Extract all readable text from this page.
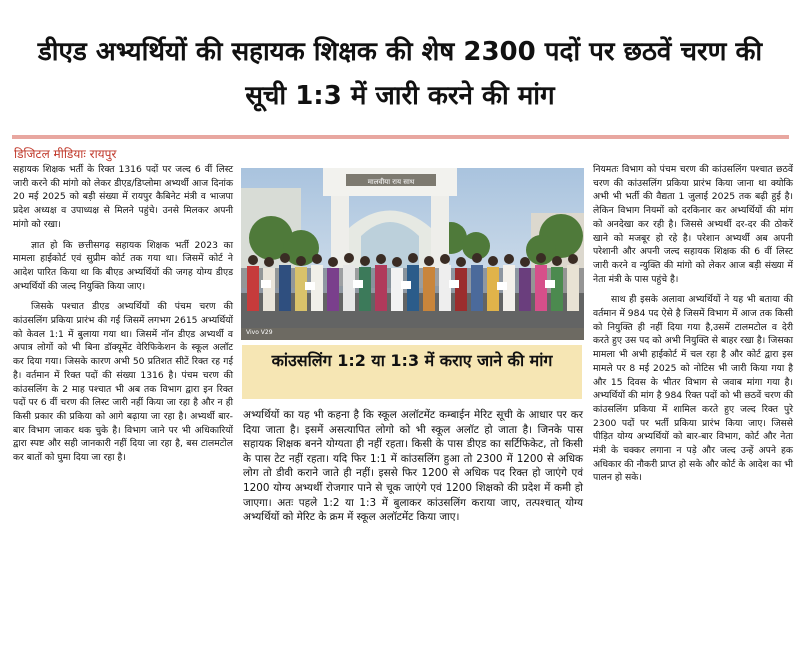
डीएड अभ्यर्थियों की सहायक शिक्षक की शेष 2300 पदों पर छठवें चरण की
सूची 1:3 में जारी करने की मांग
डिजिटल मीडियाः रायपुर

सहायक शिक्षक भर्ती के रिक्त 1316 पदों पर जल्द 6 वीं लिस्ट जारी करने की मांगो को लेकर डीएड/डिप्लोमा अभ्यर्थी आज दिनांक 20 मई 2025 को बड़ी संख्या में रायपुर कैबिनेट मंत्री व भाजपा प्रदेश अध्यक्ष व उपाध्यक्ष से मिलने पहुंचे। उनसे मिलकर अपनी मांगो को रखा।

ज्ञात हो कि छत्तीसगढ़ सहायक शिक्षक भर्ती 2023 का मामला हाईकोर्ट एवं सुप्रीम कोर्ट तक गया था। जिसमें कोर्ट ने आदेश पारित किया था कि बीएड अभ्यर्थियों की जगह योग्य डीएड अभ्यर्थियों की जल्द नियुक्ति किया जाए।

जिसके पश्चात डीएड अभ्यर्थियों की पंचम चरण की कांउसलिंग प्रकिया प्रारंभ की गई जिसमें लगभग 2615 अभ्यर्थियों को केवल 1:1 में बुलाया गया था। जिसमें नॉन डीएड अभ्यर्थी व अपात्र लोगों को भी बिना डॉक्यूमेंट वेरिफिकेशन के स्कूल अलॉट कर दिया गया। जिसके कारण अभी 50 प्रतिशत सीटें रिक्त रह गई है। वर्तमान में रिक्त पदों की संख्या 1316 है। पंचम चरण की कांउसलिंग के 2 माह पश्चात भी अब तक विभाग द्वारा इन रिक्त पदों पर 6 वीं चरण की लिस्ट जारी नहीं किया जा रहा है और न ही किसी प्रकार की प्रकिया को आगे बढ़ाया जा रहा है। अभ्यर्थी बार-बार विभाग जाकर थक चुके है। विभाग जाने पर भी अधिकारियों द्वारा स्पष्ट और सही जानकारी नहीं दिया जा रहा है, बस टालमटोल कर बातों को घुमा दिया जा रहा है।

मालवीया राय साथ
Vivo V29
कांउसलिंग 1:2 या 1:3 में कराए जाने की मांग

अभ्यर्थियों का यह भी कहना है कि स्कूल अलॉटमेंट कम्बाईन मेरिट सूची के आधार पर कर दिया जाता है। इसमें असत्यापित लोगो को भी स्कूल अलॉट हो जाता है। जिनके पास सहायक शिक्षक बनने योग्यता ही नहीं रहता। किसी के पास डीएड का सर्टिफिकेट, तो किसी के पास टेट नहीं रहता। यदि फिर 1:1 में कांउसलिंग हुआ तो 2300 में 1200 से अधिक लोग तो डीवी कराने जाते ही नहीं। इससे फिर 1200 से अधिक पद रिक्त हो जाएंगे एवं 1200 योग्य अभ्यर्थी रोजगार पाने से चूक जाएंगे एवं 1200 शिक्षको की प्रदेश में कमी हो जाएगा। अतः पहले 1:2 या 1:3 में बुलाकर कांउसलिंग कराया जाए, तत्पश्चात् योग्य अभ्यर्थियों को मेरिट के क्रम में स्कूल अलॉटमेंट किया जाए।

नियमतः विभाग को पंचम चरण की कांउसलिंग पश्चात छठवें चरण की कांउसलिंग प्रकिया प्रारंभ किया जाना था क्योकि अभी भी भर्ती की वैद्यता 1 जुलाई 2025 तक बढ़ी हुई है। लेकिन विभाग नियमों को दरकिनार कर अभ्यर्थियों की मांग को अनदेखा कर रही है। जिससे अभ्यर्थी दर-दर की ठोकरें खाने को मजबूर हो रहे है। परेशान अभ्यर्थी अब अपनी परेशानी और अपनी जल्द सहायक शिक्षक की 6 वीं लिस्ट जारी करने व न्युक्ति की मांगो को लेकर आज बड़ी संख्या में नेता मंत्री के पास पहुंचे है।

साथ ही इसके अलावा अभ्यर्थियों ने यह भी बताया की वर्तमान में 984 पद ऐसे है जिसमें विभाग में आज तक किसी को नियुक्ति ही नहीं दिया गया है,उसमें टालमटोल व देरी करते हुए उस पद को अभी नियुक्ति से बाहर रखा है। जिसका मामला भी अभी हाईकोर्ट में चल रहा है और कोर्ट द्वारा इस मामले पर 8 मई 2025 को नोटिस भी जारी किया गया है और 15 दिवस के भीतर विभाग से जवाब मांगा गया है। अभ्यर्थियों की मांग है 984 रिक्त पदों को भी छठवें चरण की कांउसलिंग प्रकिया में शामिल करते हुए जल्द रिक्त पुरे 2300 पदों पर भर्ती प्रकिया प्रारंभ किया जाए। जिससे पीड़ित योग्य अभ्यर्थियों को बार-बार विभाग, कोर्ट और नेता मंत्री के चक्कर लगाना न पड़े और जल्द उन्हें अपने हक अधिकार की नौकरी प्राप्त हो सके और कोर्ट के आदेश का भी पालन हो सके।
